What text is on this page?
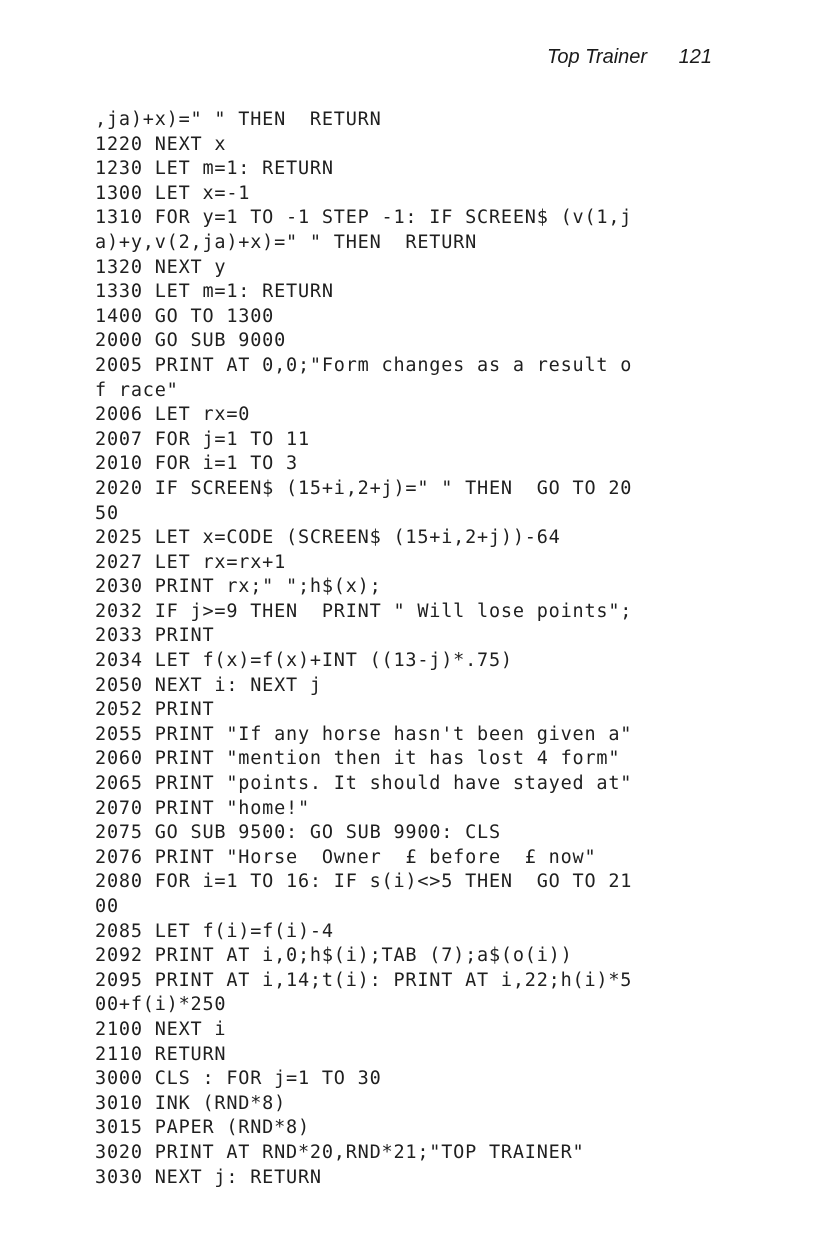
Top Trainer 121
,ja)+x)=" " THEN  RETURN
1220 NEXT x
1230 LET m=1: RETURN
1300 LET x=-1
1310 FOR y=1 TO -1 STEP -1: IF SCREEN$ (v(1,j
a)+y,v(2,ja)+x)=" " THEN  RETURN
1320 NEXT y
1330 LET m=1: RETURN
1400 GO TO 1300
2000 GO SUB 9000
2005 PRINT AT 0,0;"Form changes as a result o
f race"
2006 LET rx=0
2007 FOR j=1 TO 11
2010 FOR i=1 TO 3
2020 IF SCREEN$ (15+i,2+j)=" " THEN  GO TO 20
50
2025 LET x=CODE (SCREEN$ (15+i,2+j))-64
2027 LET rx=rx+1
2030 PRINT rx;" ";h$(x);
2032 IF j>=9 THEN  PRINT " Will lose points";
2033 PRINT
2034 LET f(x)=f(x)+INT ((13-j)*.75)
2050 NEXT i: NEXT j
2052 PRINT
2055 PRINT "If any horse hasn't been given a"
2060 PRINT "mention then it has lost 4 form"
2065 PRINT "points. It should have stayed at"
2070 PRINT "home!"
2075 GO SUB 9500: GO SUB 9900: CLS
2076 PRINT "Horse  Owner  £ before  £ now"
2080 FOR i=1 TO 16: IF s(i)<>5 THEN  GO TO 21
00
2085 LET f(i)=f(i)-4
2092 PRINT AT i,0;h$(i);TAB (7);a$(o(i))
2095 PRINT AT i,14;t(i): PRINT AT i,22;h(i)*5
00+f(i)*250
2100 NEXT i
2110 RETURN
3000 CLS : FOR j=1 TO 30
3010 INK (RND*8)
3015 PAPER (RND*8)
3020 PRINT AT RND*20,RND*21;"TOP TRAINER"
3030 NEXT j: RETURN
